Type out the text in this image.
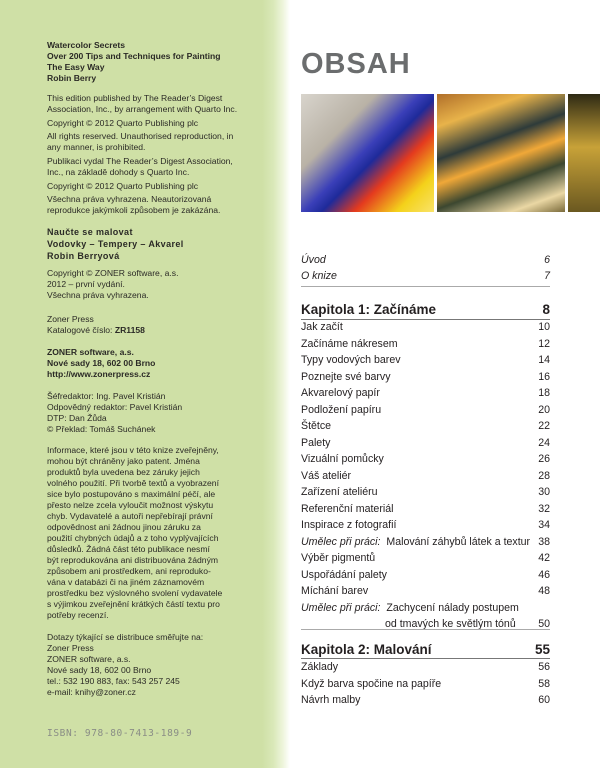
Watercolor Secrets
Over 200 Tips and Techniques for Painting
The Easy Way
Robin Berry
This edition published by The Reader’s Digest
Association, Inc., by arrangement with Quarto Inc.
Copyright © 2012 Quarto Publishing plc
All rights reserved. Unauthorised reproduction, in
any manner, is prohibited.
Publikaci vydal The Reader’s Digest Association,
Inc., na základě dohody s Quarto Inc.
Copyright © 2012 Quarto Publishing plc
Všechna práva vyhrazena. Neautorizovaná
reprodukce jakýmkoli způsobem je zakázána.
Naučte se malovat
Vodovky – Tempery – Akvarel
Robin Berryová
Copyright © ZONER software, a.s.
2012 – první vydání.
Všechna práva vyhrazena.
Zoner Press
Katalogové číslo: ZR1158
ZONER software, a.s.
Nové sady 18, 602 00 Brno
http://www.zonerpress.cz
Šéfredaktor: Ing. Pavel Kristián
Odpovědný redaktor: Pavel Kristián
DTP: Dan Žůda
© Překlad: Tomáš Suchánek
Informace, které jsou v této knize zveřejněny,
mohou být chráněny jako patent. Jména
produktů byla uvedena bez záruky jejich
volného použití. Při tvorbě textů a vyobrazení
sice bylo postupováno s maximální péčí, ale
přesto nelze zcela vyloučit možnost výskytu
chyb. Vydavatelé a autoři nepřebírají právní
odpovědnost ani žádnou jinou záruku za
použití chybných údajů a z toho vyplývajících
důsledků. Žádná část této publikace nesmí
být reprodukována ani distribuována žádným
způsobem ani prostředkem, ani reproduko-
vána v databázi či na jiném záznamovém
prostředku bez výslovného svolení vydavatele
s výjimkou zveřejnění krátkých částí textu pro
potřeby recenzí.
Dotazy týkající se distribuce směřujte na:
Zoner Press
ZONER software, a.s.
Nové sady 18, 602 00 Brno
tel.: 532 190 883, fax: 543 257 245
e-mail: knihy@zoner.cz
ISBN: 978-80-7413-189-9
OBSAH
Úvod	6
O knize	7
Kapitola 1: Začínáme	8
Jak začít	10
Začínáme nákresem	12
Typy vodových barev	14
Poznejte své barvy	16
Akvarelový papír	18
Podložení papíru	20
Štětce	22
Palety	24
Vizuální pomůcky	26
Váš ateliér	28
Zařízení ateliéru	30
Referenční materiál	32
Inspirace z fotografií	34
Umělec při práci: Malování záhybů látek a textur 38
Výběr pigmentů	42
Uspořádání palety	46
Míchání barev	48
Umělec při práci: Zachycení nálady postupem
od tmavých ke světlým tónů 50
Kapitola 2: Malování	55
Základy	56
Když barva spočine na papíře	58
Návrh malby	60
